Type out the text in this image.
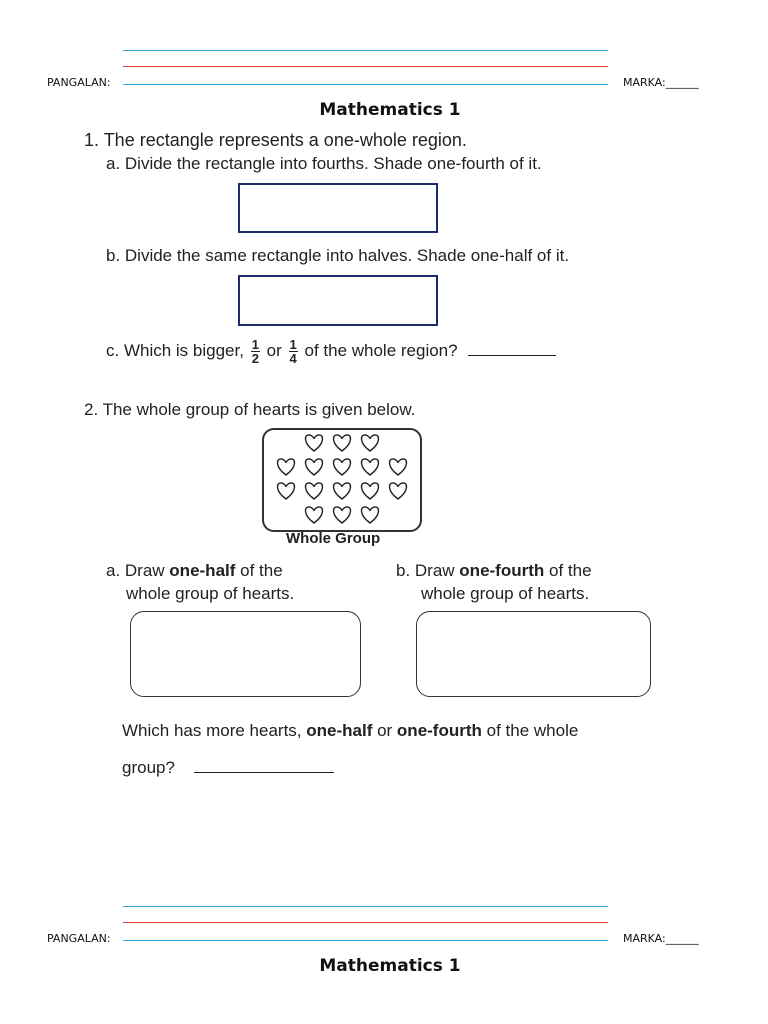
PANGALAN:	MARKA:______
Mathematics 1
1. The rectangle represents a one-whole region.
a. Divide the rectangle into fourths. Shade one-fourth of it.
b. Divide the same rectangle into halves. Shade one-half of it.
c. Which is bigger, $\frac{1}{2}$ or $\frac{1}{4}$ of the whole region?
2. The whole group of hearts is given below.
Whole Group
a. Draw one-half of the
whole group of hearts.
b. Draw one-fourth of the
whole group of hearts.
Which has more hearts, one-half or one-fourth of the whole
group?
PANGALAN:	MARKA:______
Mathematics 1
